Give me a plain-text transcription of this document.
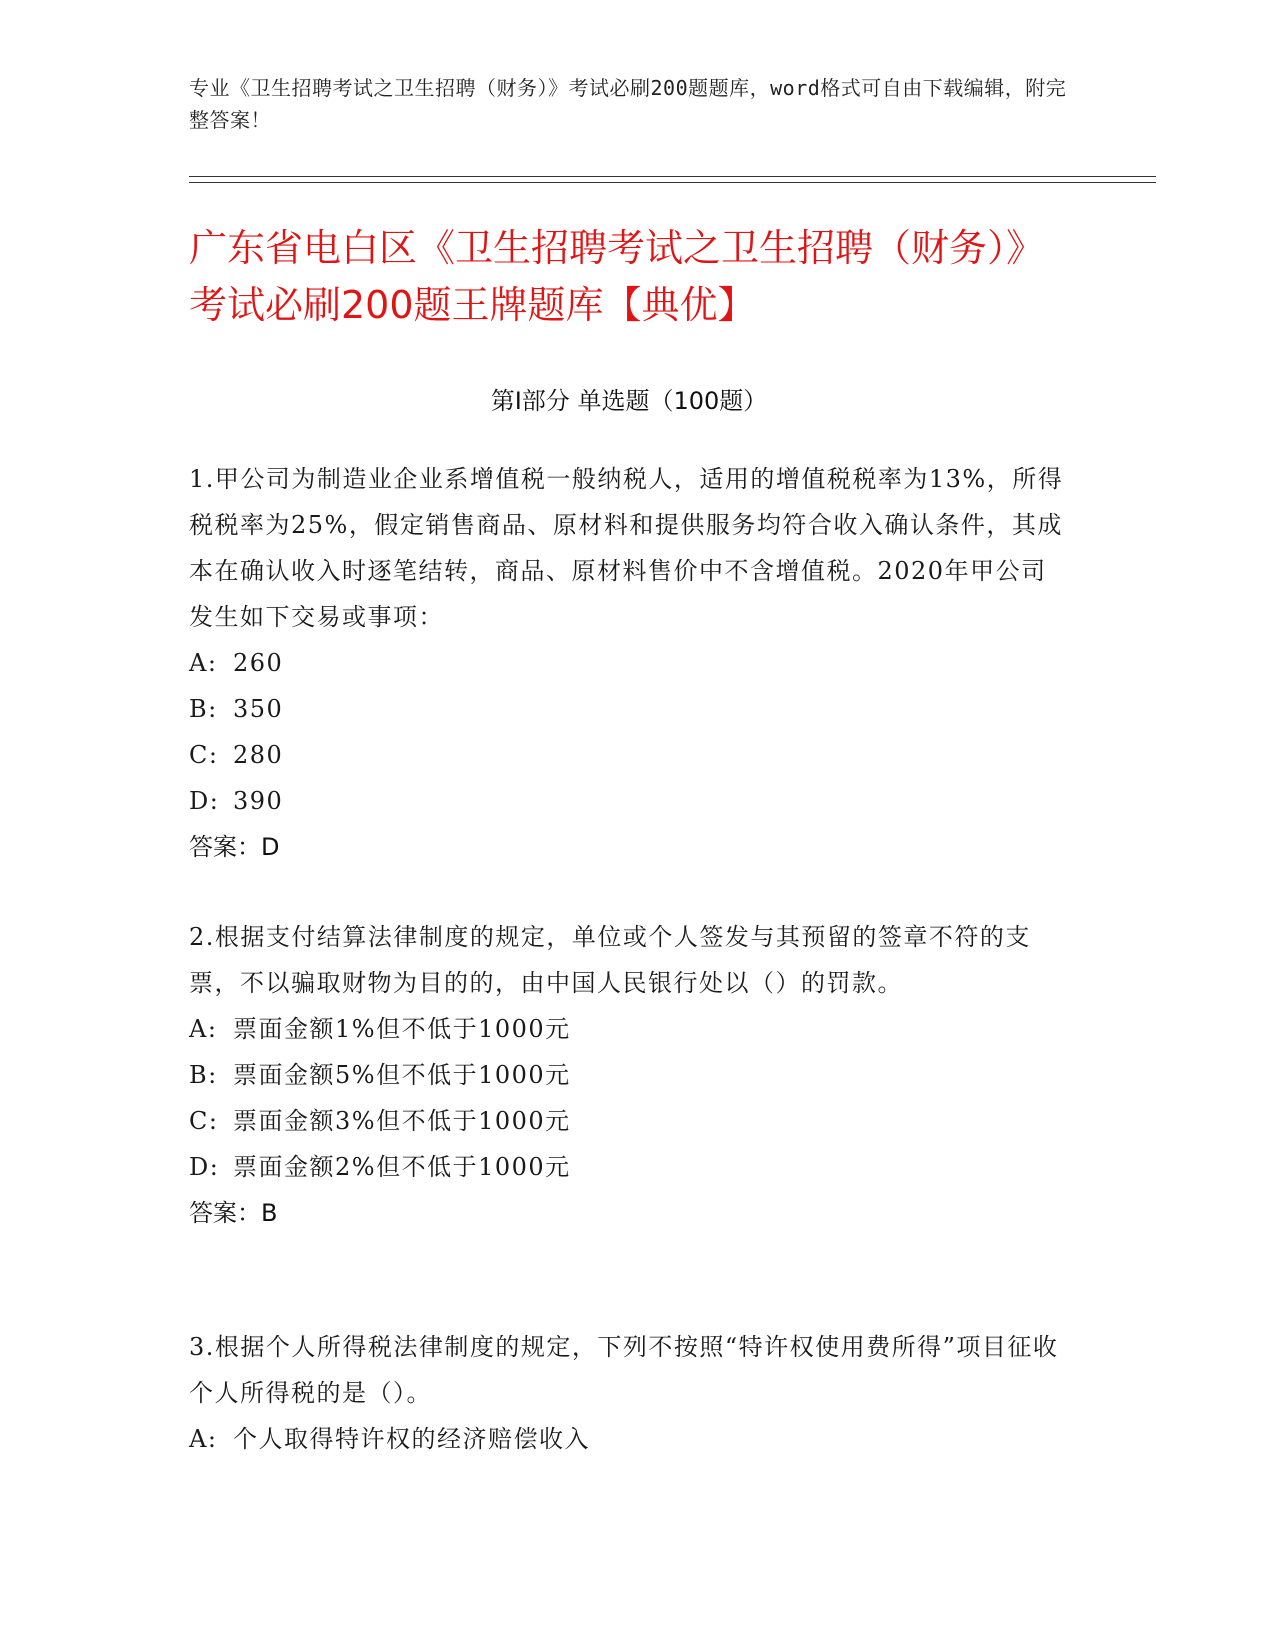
专业《卫生招聘考试之卫生招聘（财务）》考试必刷200题题库，word格式可自由下载编辑，附完整答案！
广东省电白区《卫生招聘考试之卫生招聘（财务）》考试必刷200题王牌题库【典优】
第I部分 单选题（100题）

1.甲公司为制造业企业系增值税一般纳税人，适用的增值税税率为13%，所得税税率为25%，假定销售商品、原材料和提供服务均符合收入确认条件，其成本在确认收入时逐笔结转，商品、原材料售价中不含增值税。2020年甲公司发生如下交易或事项：

A: 260

B: 350

C: 280

D: 390

答案：D

2.根据支付结算法律制度的规定，单位或个人签发与其预留的签章不符的支票，不以骗取财物为目的的，由中国人民银行处以（）的罚款。

A: 票面金额1%但不低于1000元

B: 票面金额5%但不低于1000元

C: 票面金额3%但不低于1000元

D: 票面金额2%但不低于1000元

答案：B

3.根据个人所得税法律制度的规定，下列不按照“特许权使用费所得”项目征收个人所得税的是（）。

A: 个人取得特许权的经济赔偿收入
